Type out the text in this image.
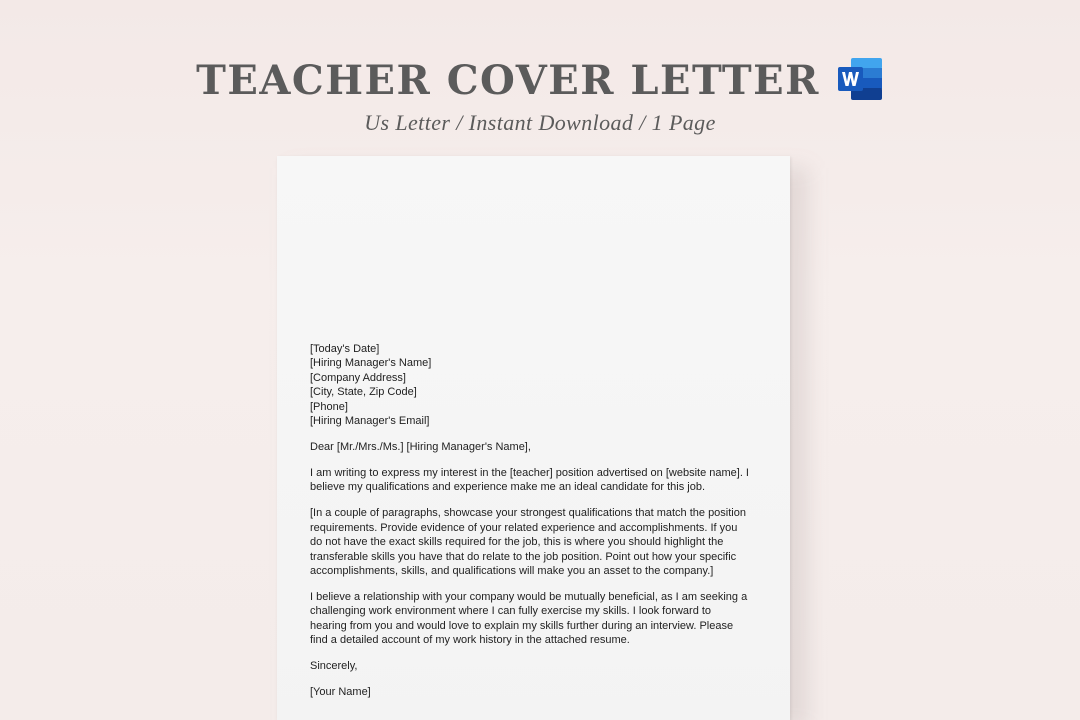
TEACHER COVER LETTER
Us Letter / Instant Download / 1 Page
[Today's Date]
[Hiring Manager's Name]
[Company Address]
[City, State, Zip Code]
[Phone]
[Hiring Manager's Email]

Dear [Mr./Mrs./Ms.] [Hiring Manager's Name],

I am writing to express my interest in the [teacher] position advertised on [website name]. I believe my qualifications and experience make me an ideal candidate for this job.

[In a couple of paragraphs, showcase your strongest qualifications that match the position requirements. Provide evidence of your related experience and accomplishments. If you do not have the exact skills required for the job, this is where you should highlight the transferable skills you have that do relate to the job position. Point out how your specific accomplishments, skills, and qualifications will make you an asset to the company.]

I believe a relationship with your company would be mutually beneficial, as I am seeking a challenging work environment where I can fully exercise my skills. I look forward to hearing from you and would love to explain my skills further during an interview. Please find a detailed account of my work history in the attached resume.

Sincerely,

[Your Name]
